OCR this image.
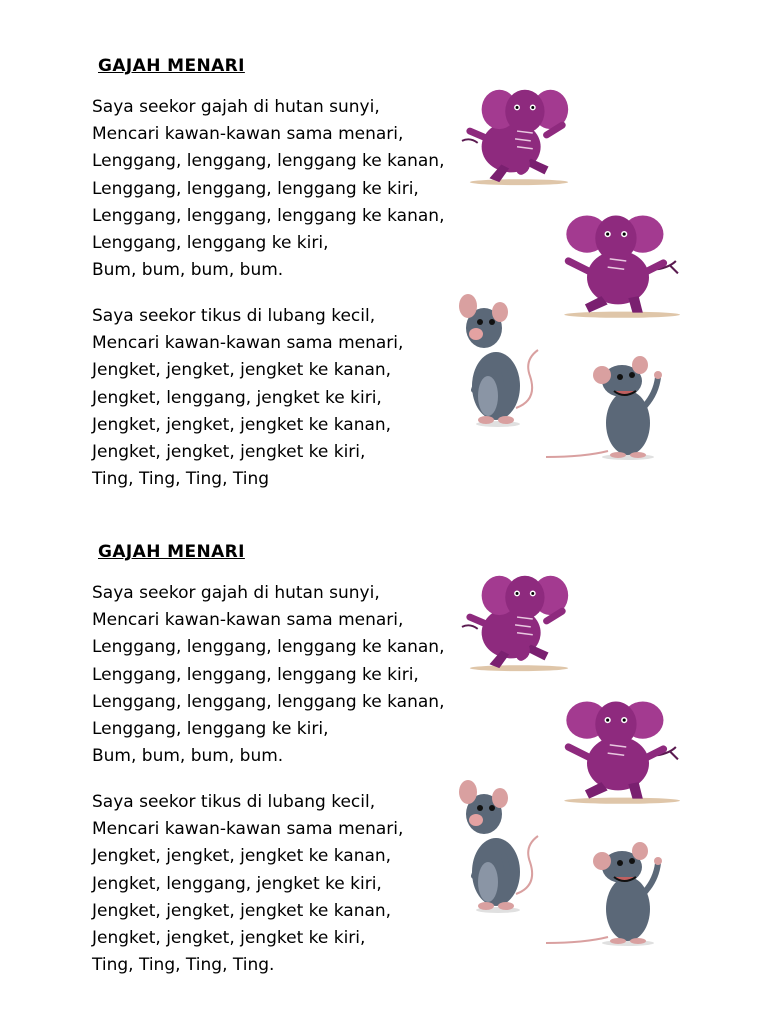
GAJAH MENARI
Saya seekor gajah di hutan sunyi,
Mencari kawan-kawan sama menari,
Lenggang, lenggang, lenggang ke kanan,
Lenggang, lenggang, lenggang ke kiri,
Lenggang, lenggang, lenggang ke kanan,
Lenggang, lenggang ke kiri,
Bum, bum, bum, bum.
Saya seekor tikus di lubang kecil,
Mencari kawan-kawan sama menari,
Jengket, jengket, jengket ke kanan,
Jengket, lenggang, jengket ke kiri,
Jengket, jengket, jengket ke kanan,
Jengket, jengket, jengket ke kiri,
Ting, Ting, Ting, Ting
GAJAH MENARI
Saya seekor gajah di hutan sunyi,
Mencari kawan-kawan sama menari,
Lenggang, lenggang, lenggang ke kanan,
Lenggang, lenggang, lenggang ke kiri,
Lenggang, lenggang, lenggang ke kanan,
Lenggang, lenggang ke kiri,
Bum, bum, bum, bum.
Saya seekor tikus di lubang kecil,
Mencari kawan-kawan sama menari,
Jengket, jengket, jengket ke kanan,
Jengket, lenggang, jengket ke kiri,
Jengket, jengket, jengket ke kanan,
Jengket, jengket, jengket ke kiri,
Ting, Ting, Ting, Ting.
